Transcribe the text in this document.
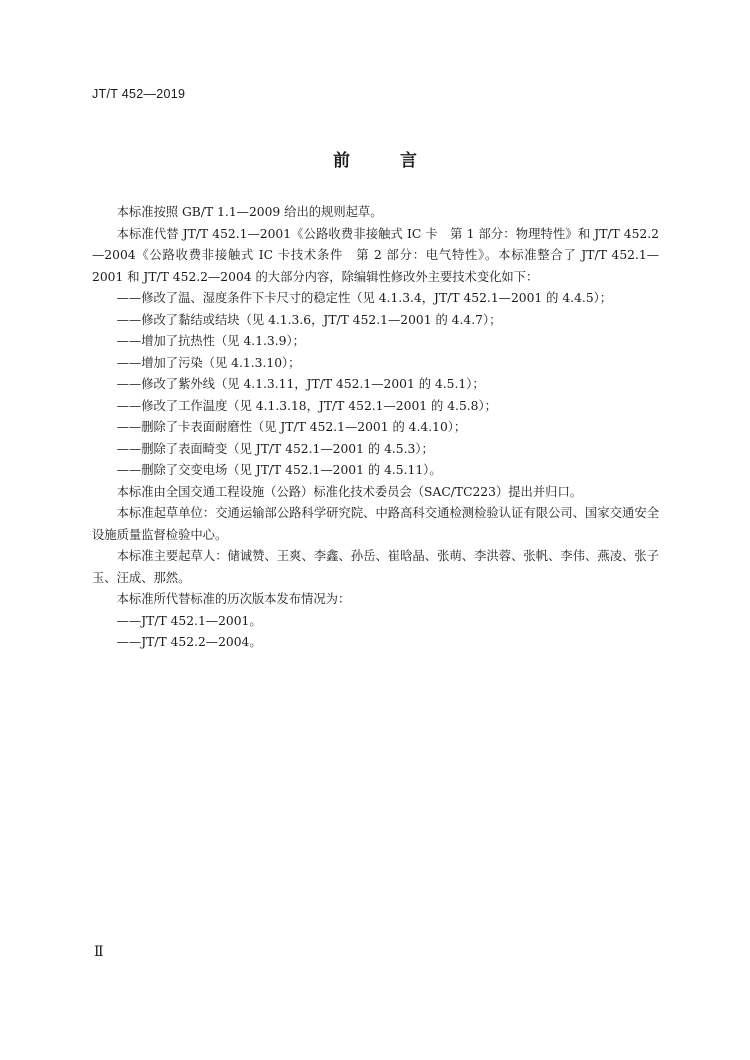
JT/T 452—2019
前 言

本标准按照 GB/T 1.1—2009 给出的规则起草。

本标准代替 JT/T 452.1—2001《公路收费非接触式 IC 卡　第 1 部分：物理特性》和 JT/T 452.2—2004《公路收费非接触式 IC 卡技术条件　第 2 部分：电气特性》。本标准整合了 JT/T 452.1—2001 和 JT/T 452.2—2004 的大部分内容，除编辑性修改外主要技术变化如下：

——修改了温、湿度条件下卡尺寸的稳定性（见 4.1.3.4，JT/T 452.1—2001 的 4.4.5）；

——修改了黏结或结块（见 4.1.3.6，JT/T 452.1—2001 的 4.4.7）；

——增加了抗热性（见 4.1.3.9）；

——增加了污染（见 4.1.3.10）；

——修改了紫外线（见 4.1.3.11，JT/T 452.1—2001 的 4.5.1）；

——修改了工作温度（见 4.1.3.18，JT/T 452.1—2001 的 4.5.8）；

——删除了卡表面耐磨性（见 JT/T 452.1—2001 的 4.4.10）；

——删除了表面畸变（见 JT/T 452.1—2001 的 4.5.3）；

——删除了交变电场（见 JT/T 452.1—2001 的 4.5.11）。

本标准由全国交通工程设施（公路）标准化技术委员会（SAC/TC223）提出并归口。

本标准起草单位：交通运输部公路科学研究院、中路高科交通检测检验认证有限公司、国家交通安全设施质量监督检验中心。

本标准主要起草人：储诚赞、王爽、李鑫、孙岳、崔晗晶、张萌、李洪蓉、张帆、李伟、燕凌、张子玉、汪成、那然。

本标准所代替标准的历次版本发布情况为：

——JT/T 452.1—2001。

——JT/T 452.2—2004。

Ⅱ
